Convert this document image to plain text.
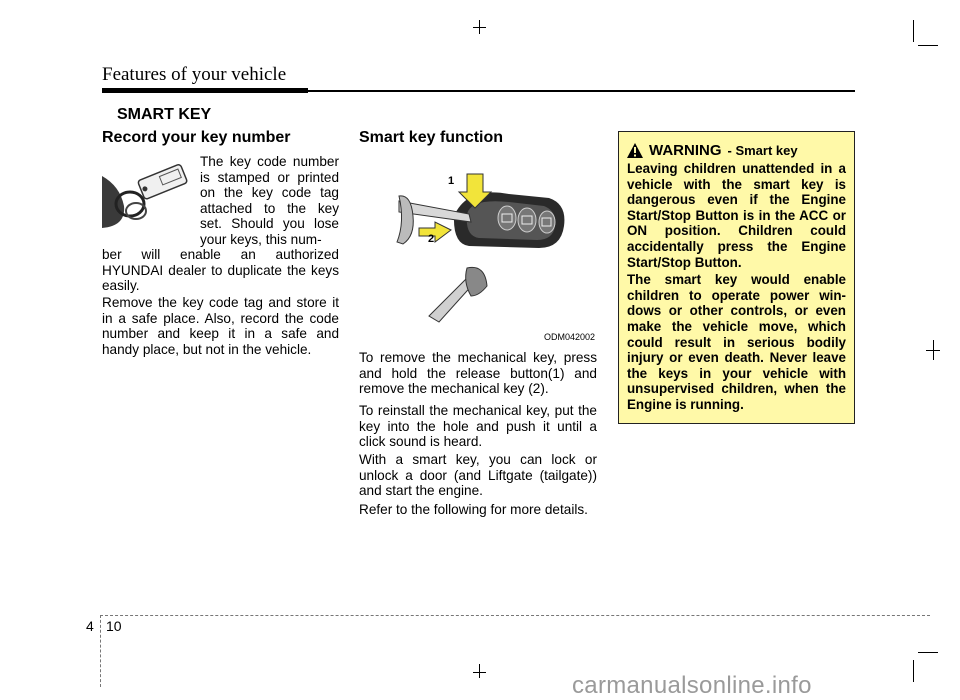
Features of your vehicle
SMART KEY
Record your key number

The key code number is stamped or printed on the key code tag attached to the key set. Should you lose your keys, this num-

ber will enable an authorized HYUNDAI dealer to duplicate the keys easily.

Remove the key code tag and store it in a safe place. Also, record the code number and keep it in a safe and handy place, but not in the vehicle.

Smart key function
1
2
ODM042002

To remove the mechanical key, press and hold the release button(1) and remove the mechanical key (2).

To reinstall the mechanical key, put the key into the hole and push it until a click sound is heard.

With a smart key, you can lock or unlock a door (and Liftgate (tailgate)) and start the engine.

Refer to the following for more details.

WARNING - Smart key

Leaving children unattended in a vehicle with the smart key is dangerous even if the Engine Start/Stop Button is in the ACC or ON position. Children could accidentally press the Engine Start/Stop Button.

The smart key would enable children to operate power win- dows or other controls, or even make the vehicle move, which could result in serious bodily injury or even death. Never leave the keys in your vehicle with unsupervised children, when the Engine is running.

4 10
carmanualsonline.info
